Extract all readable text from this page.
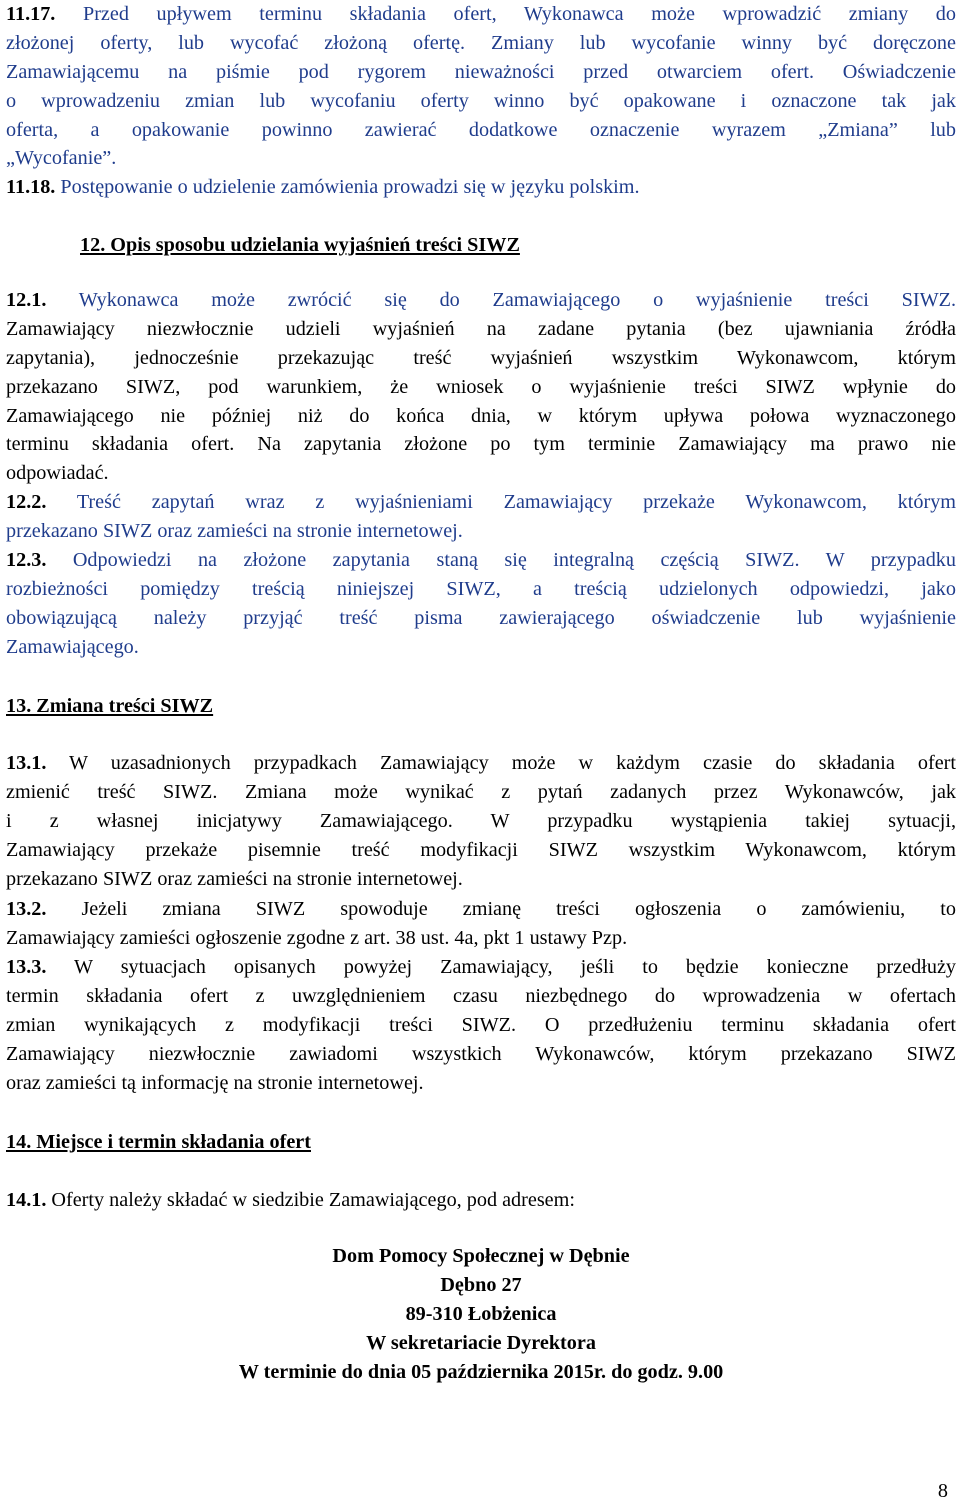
11.17. Przed upływem terminu składania ofert, Wykonawca może wprowadzić zmiany do
złożonej oferty, lub wycofać złożoną ofertę. Zmiany lub wycofanie winny być doręczone
Zamawiającemu na piśmie pod rygorem nieważności przed otwarciem ofert. Oświadczenie
o wprowadzeniu zmian lub wycofaniu oferty winno być opakowane i oznaczone tak jak
oferta, a opakowanie powinno zawierać dodatkowe oznaczenie wyrazem „Zmiana” lub
„Wycofanie”.
11.18. Postępowanie o udzielenie zamówienia prowadzi się w języku polskim.
12. Opis sposobu udzielania wyjaśnień treści SIWZ
12.1. Wykonawca może zwrócić się do Zamawiającego o wyjaśnienie treści SIWZ.
Zamawiający niezwłocznie udzieli wyjaśnień na zadane pytania (bez ujawniania źródła
zapytania), jednocześnie przekazując treść wyjaśnień wszystkim Wykonawcom, którym
przekazano SIWZ, pod warunkiem, że wniosek o wyjaśnienie treści SIWZ wpłynie do
Zamawiającego nie później niż do końca dnia, w którym upływa połowa wyznaczonego
terminu składania ofert. Na zapytania złożone po tym terminie Zamawiający ma prawo nie
odpowiadać.
12.2. Treść zapytań wraz z wyjaśnieniami Zamawiający przekaże Wykonawcom, którym
przekazano SIWZ oraz zamieści na stronie internetowej.
12.3. Odpowiedzi na złożone zapytania staną się integralną częścią SIWZ. W przypadku
rozbieżności pomiędzy treścią niniejszej SIWZ, a treścią udzielonych odpowiedzi, jako
obowiązującą należy przyjąć treść pisma zawierającego oświadczenie lub wyjaśnienie
Zamawiającego.
13. Zmiana treści SIWZ
13.1. W uzasadnionych przypadkach Zamawiający może w każdym czasie do składania ofert
zmienić treść SIWZ. Zmiana może wynikać z pytań zadanych przez Wykonawców, jak
i z własnej inicjatywy Zamawiającego. W przypadku wystąpienia takiej sytuacji,
Zamawiający przekaże pisemnie treść modyfikacji SIWZ wszystkim Wykonawcom, którym
przekazano SIWZ oraz zamieści na stronie internetowej.
13.2. Jeżeli zmiana SIWZ spowoduje zmianę treści ogłoszenia o zamówieniu, to
Zamawiający zamieści ogłoszenie zgodne z art. 38 ust. 4a, pkt 1 ustawy Pzp.
13.3. W sytuacjach opisanych powyżej Zamawiający, jeśli to będzie konieczne przedłuży
termin składania ofert z uwzględnieniem czasu niezbędnego do wprowadzenia w ofertach
zmian wynikających z modyfikacji treści SIWZ. O przedłużeniu terminu składania ofert
Zamawiający niezwłocznie zawiadomi wszystkich Wykonawców, którym przekazano SIWZ
oraz zamieści tą informację na stronie internetowej.
14. Miejsce i termin składania ofert
14.1. Oferty należy składać w siedzibie Zamawiającego, pod adresem:
Dom Pomocy Społecznej w Dębnie
Dębno 27
89-310 Łobżenica
W sekretariacie Dyrektora
W terminie do dnia 05 października 2015r. do godz. 9.00
8
